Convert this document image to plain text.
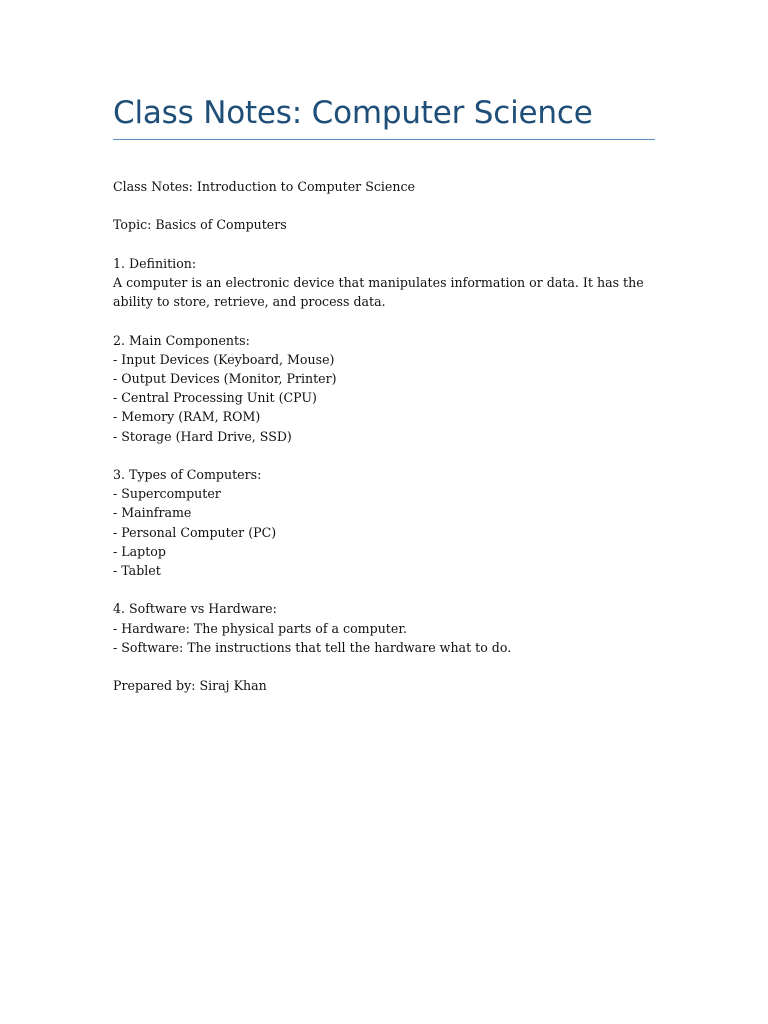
Class Notes: Computer Science

Class Notes: Introduction to Computer Science

Topic: Basics of Computers

1. Definition:

A computer is an electronic device that manipulates information or data. It has the ability to store, retrieve, and process data.

2. Main Components:

- Input Devices (Keyboard, Mouse)

- Output Devices (Monitor, Printer)

- Central Processing Unit (CPU)

- Memory (RAM, ROM)

- Storage (Hard Drive, SSD)

3. Types of Computers:

- Supercomputer

- Mainframe

- Personal Computer (PC)

- Laptop

- Tablet

4. Software vs Hardware:

- Hardware: The physical parts of a computer.

- Software: The instructions that tell the hardware what to do.

Prepared by: Siraj Khan
